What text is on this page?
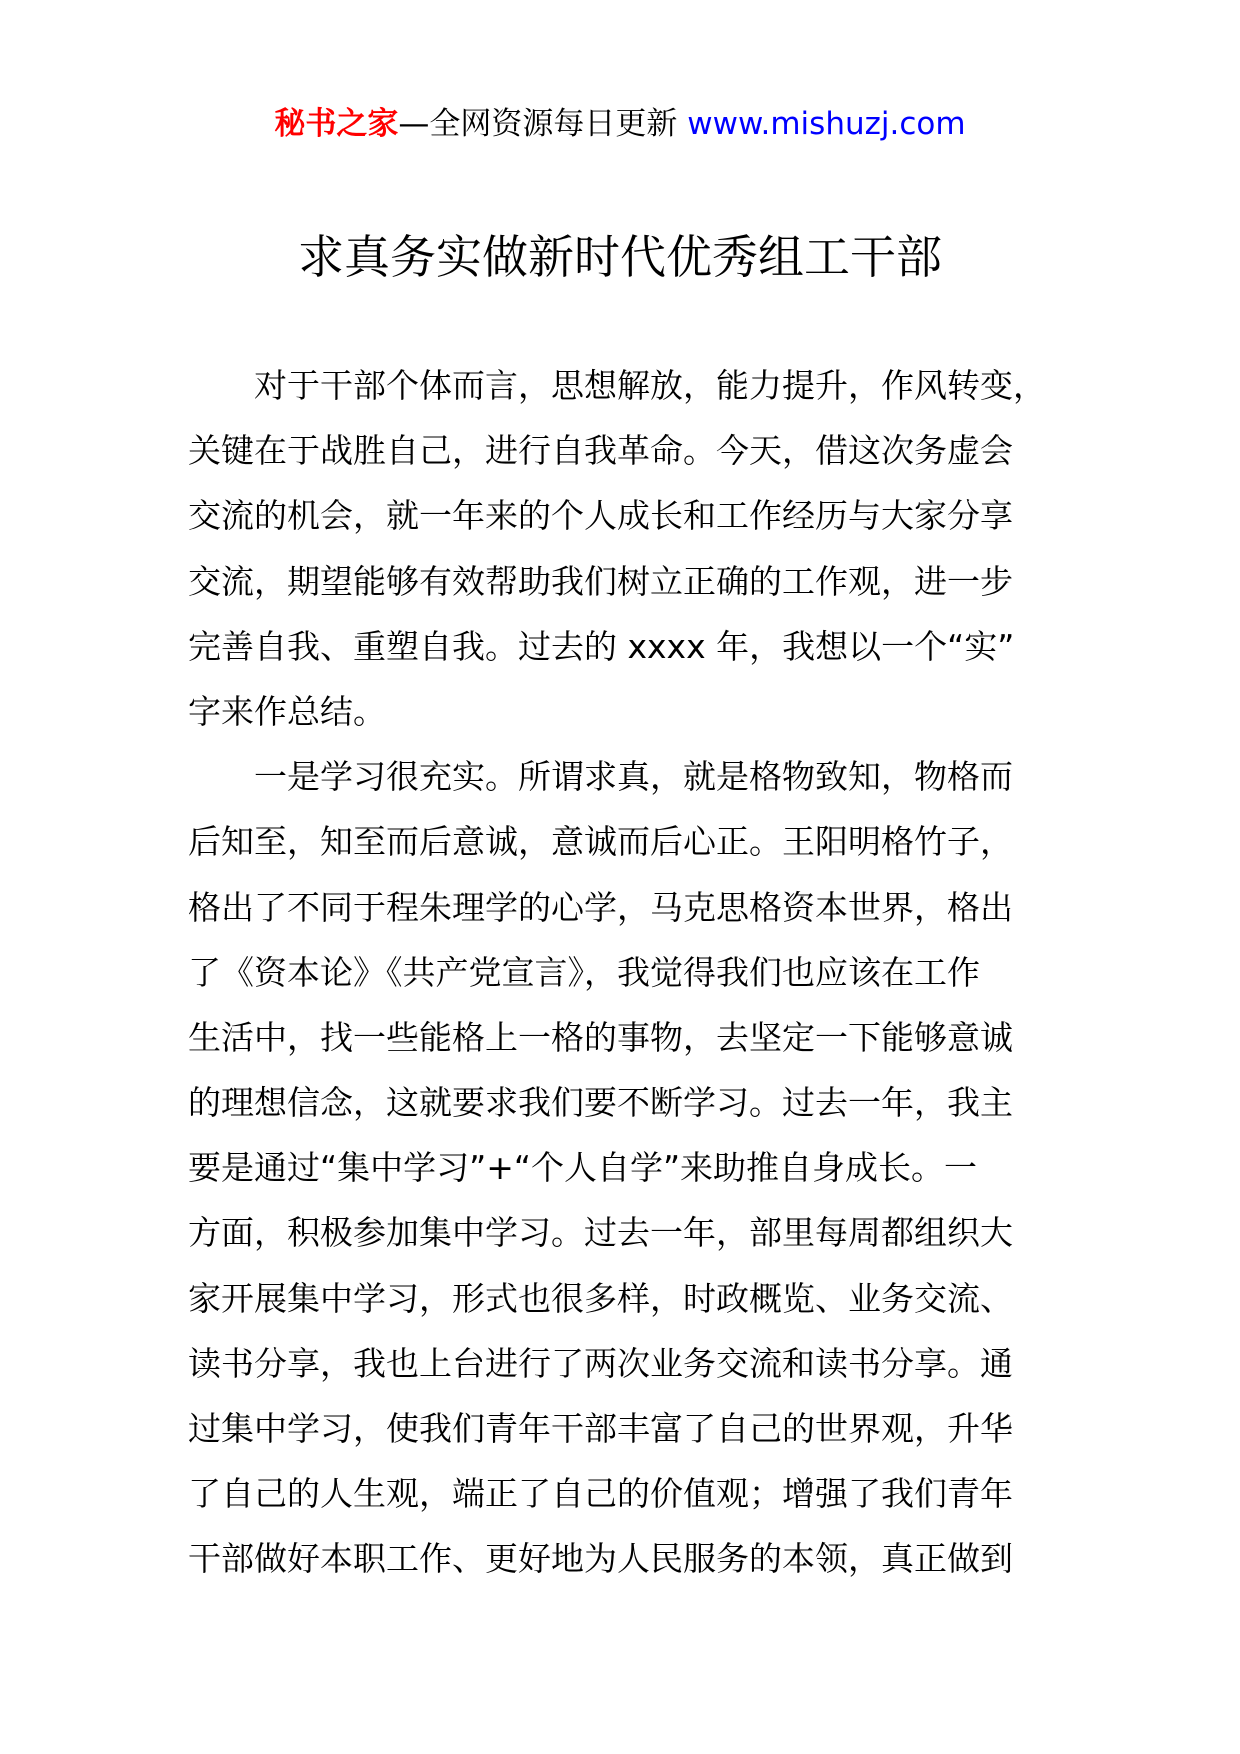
秘书之家—全网资源每日更新 www.mishuzj.com
求真务实做新时代优秀组工干部
对于干部个体而言，思想解放，能力提升，作风转变，
关键在于战胜自己，进行自我革命。今天，借这次务虚会
交流的机会，就一年来的个人成长和工作经历与大家分享
交流，期望能够有效帮助我们树立正确的工作观，进一步
完善自我、重塑自我。过去的 xxxx 年，我想以一个“实”
字来作总结。
一是学习很充实。所谓求真，就是格物致知，物格而
后知至，知至而后意诚，意诚而后心正。王阳明格竹子，
格出了不同于程朱理学的心学，马克思格资本世界，格出
了《资本论》《共产党宣言》，我觉得我们也应该在工作
生活中，找一些能格上一格的事物，去坚定一下能够意诚
的理想信念，这就要求我们要不断学习。过去一年，我主
要是通过“集中学习”+“个人自学”来助推自身成长。一
方面，积极参加集中学习。过去一年，部里每周都组织大
家开展集中学习，形式也很多样，时政概览、业务交流、
读书分享，我也上台进行了两次业务交流和读书分享。通
过集中学习，使我们青年干部丰富了自己的世界观，升华
了自己的人生观，端正了自己的价值观；增强了我们青年
干部做好本职工作、更好地为人民服务的本领，真正做到
